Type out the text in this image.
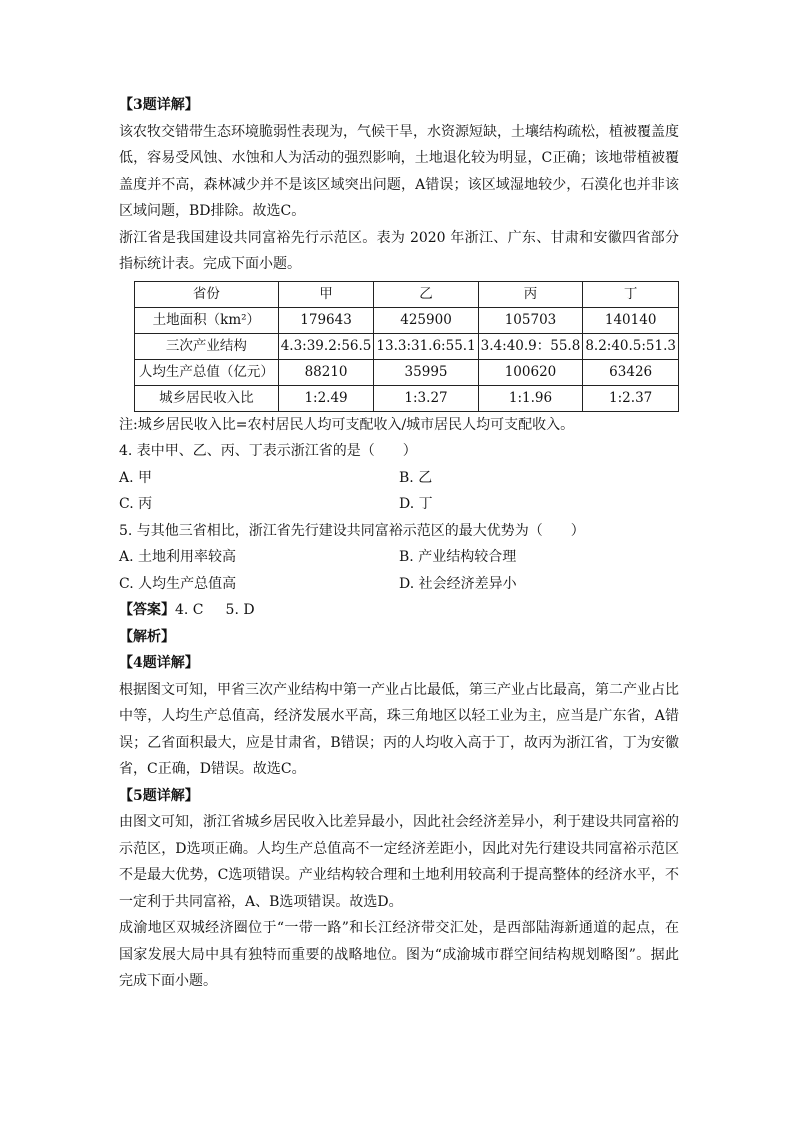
【3题详解】

该农牧交错带生态环境脆弱性表现为，气候干旱，水资源短缺，土壤结构疏松，植被覆盖度低，容易受风蚀、水蚀和人为活动的强烈影响，土地退化较为明显，C正确；该地带植被覆盖度并不高，森林减少并不是该区域突出问题，A错误；该区域湿地较少，石漠化也并非该区域问题，BD排除。故选C。

浙江省是我国建设共同富裕先行示范区。表为 2020 年浙江、广东、甘肃和安徽四省部分指标统计表。完成下面小题。

省份	甲	乙	丙	丁
土地面积（km²）	179643	425900	105703	140140
三次产业结构	4.3:39.2:56.5	13.3:31.6:55.1	3.4:40.9：55.8	8.2:40.5:51.3
人均生产总值（亿元）	88210	35995	100620	63426
城乡居民收入比	1:2.49	1:3.27	1:1.96	1:2.37

注:城乡居民收入比=农村居民人均可支配收入/城市居民人均可支配收入。

4. 表中甲、乙、丙、丁表示浙江省的是（　　）

A. 甲	B. 乙
C. 丙	D. 丁

5. 与其他三省相比，浙江省先行建设共同富裕示范区的最大优势为（　　）

A. 土地利用率较高	B. 产业结构较合理
C. 人均生产总值高	D. 社会经济差异小

【答案】4. C 5. D

【解析】

【4题详解】

根据图文可知，甲省三次产业结构中第一产业占比最低，第三产业占比最高，第二产业占比中等，人均生产总值高，经济发展水平高，珠三角地区以轻工业为主，应当是广东省，A错误；乙省面积最大，应是甘肃省，B错误；丙的人均收入高于丁，故丙为浙江省，丁为安徽省，C正确，D错误。故选C。

【5题详解】

由图文可知，浙江省城乡居民收入比差异最小，因此社会经济差异小，利于建设共同富裕的示范区，D选项正确。人均生产总值高不一定经济差距小，因此对先行建设共同富裕示范区不是最大优势，C选项错误。产业结构较合理和土地利用较高利于提高整体的经济水平，不一定利于共同富裕，A、B选项错误。故选D。

成渝地区双城经济圈位于“一带一路”和长江经济带交汇处，是西部陆海新通道的起点，在国家发展大局中具有独特而重要的战略地位。图为“成渝城市群空间结构规划略图”。据此完成下面小题。
